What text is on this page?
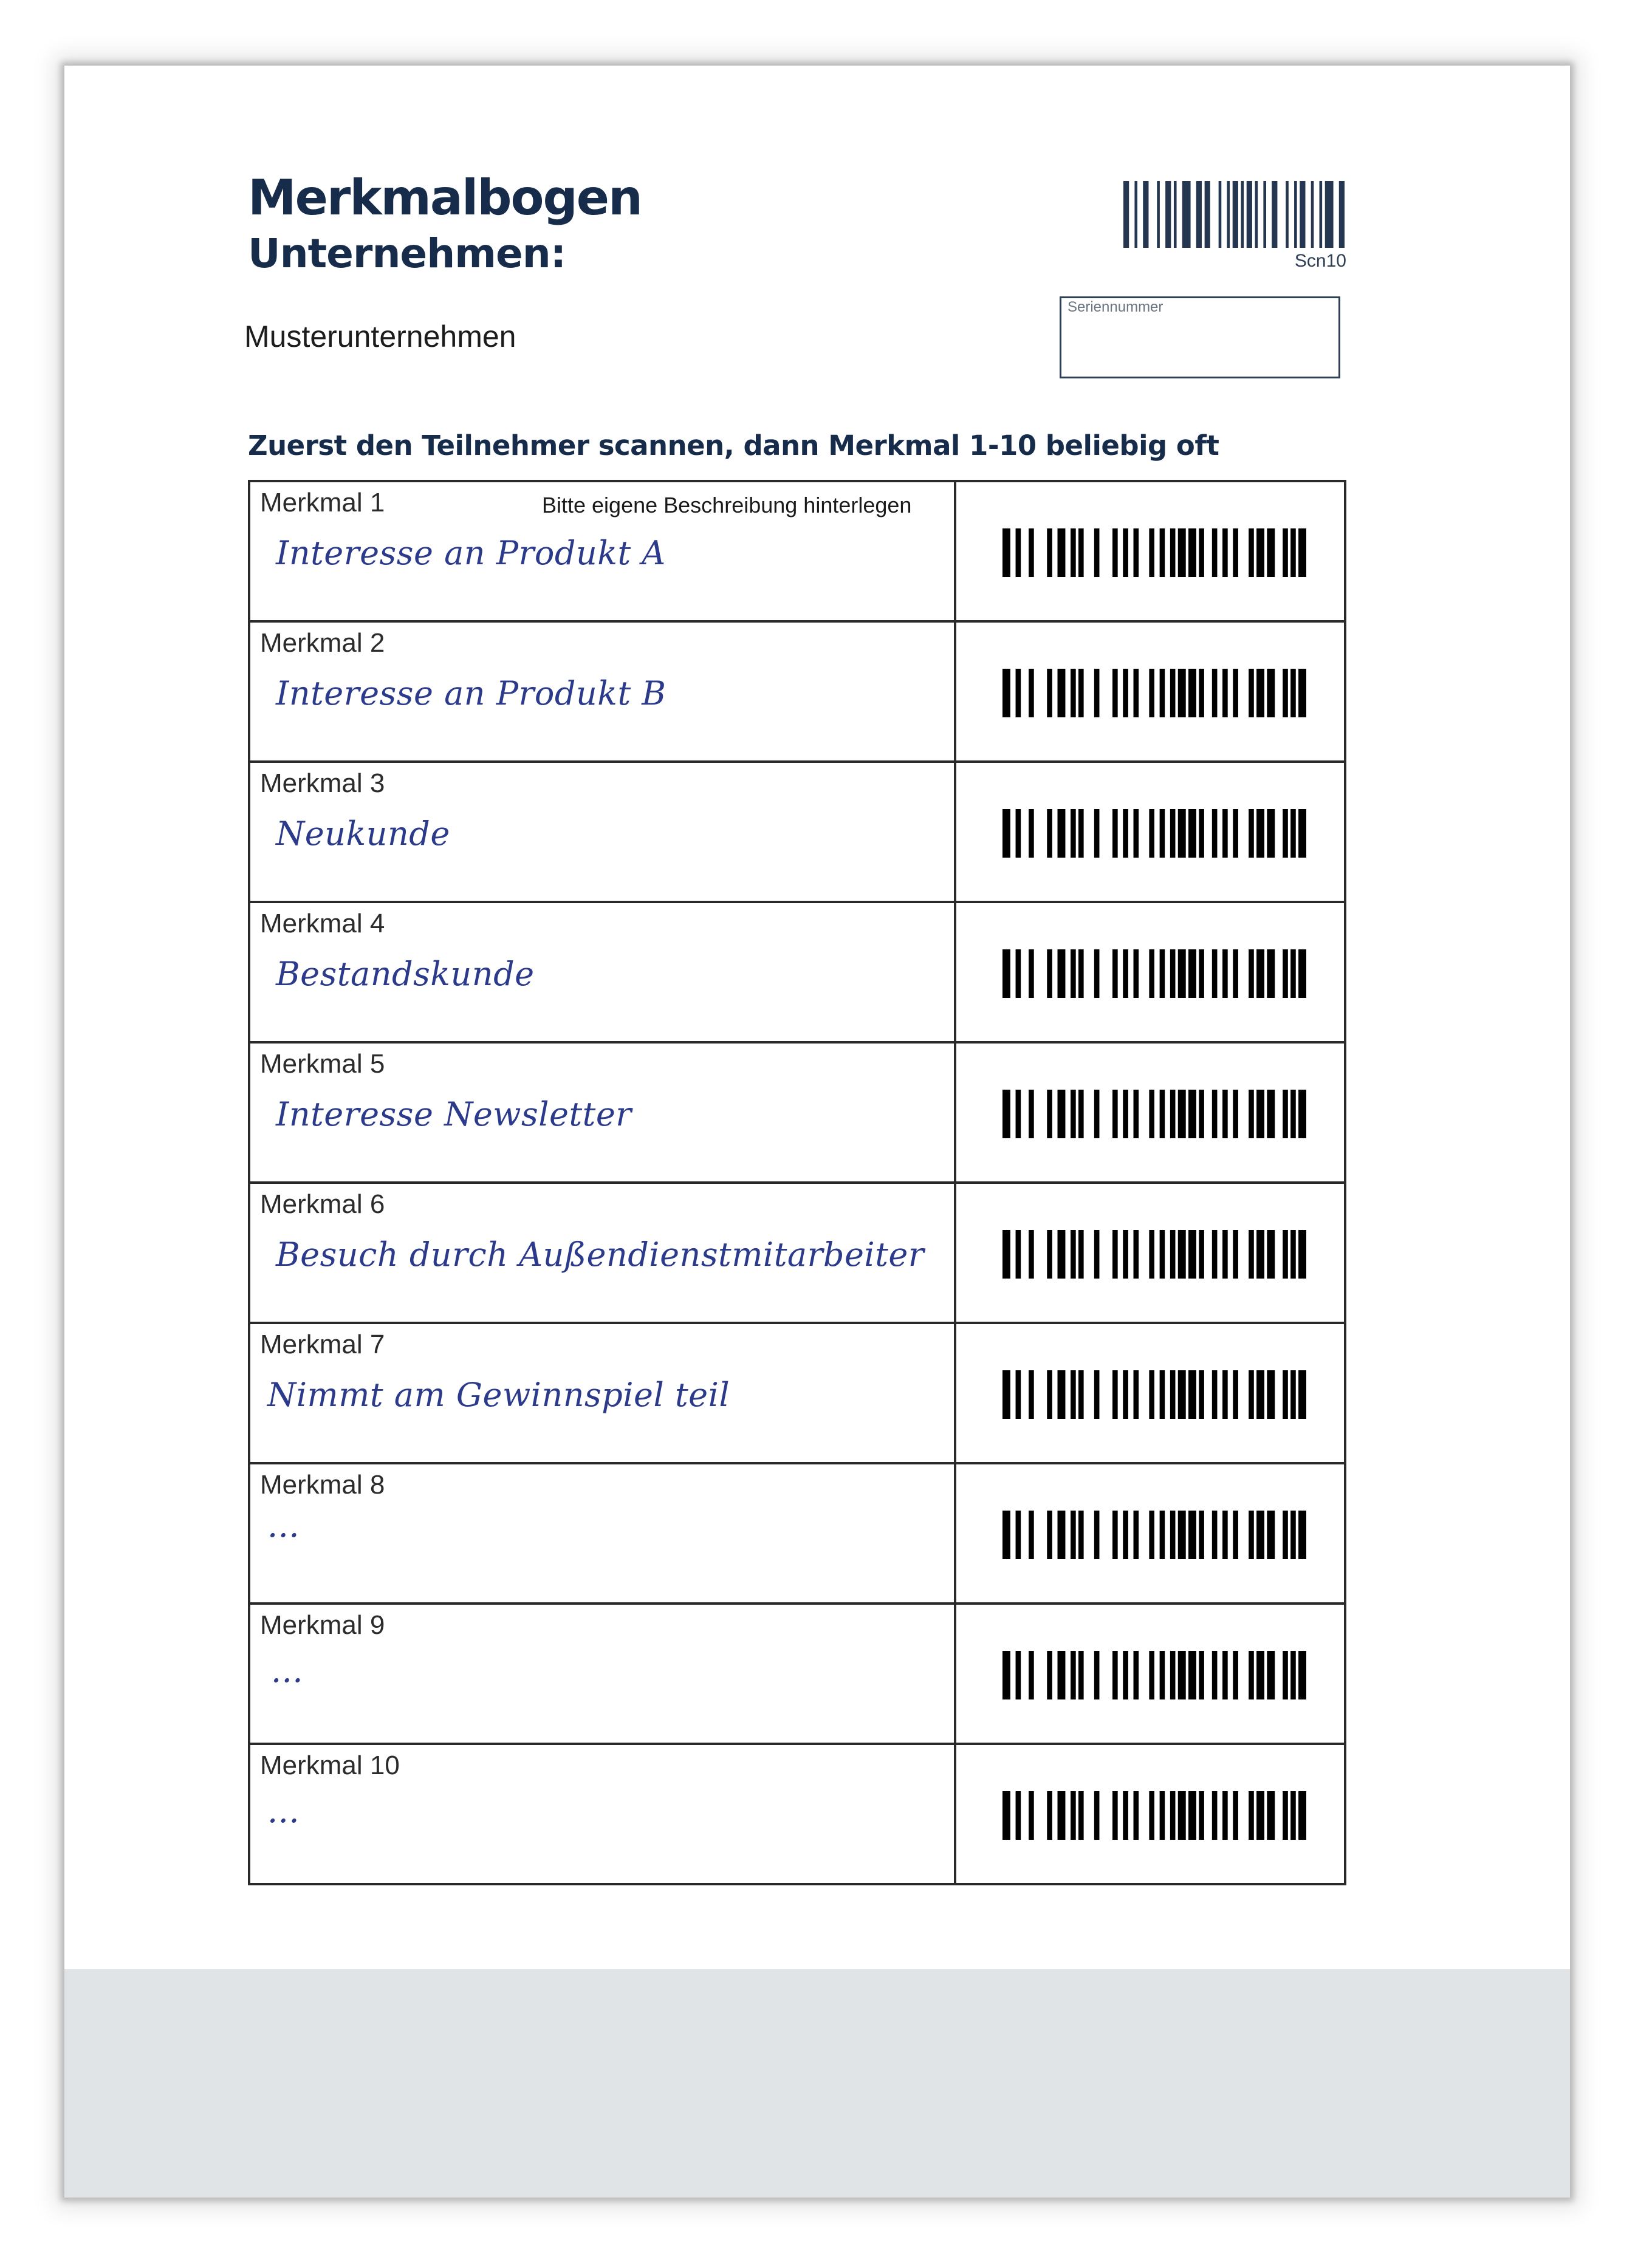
Merkmalbogen
Unternehmen:
Musterunternehmen
Scn10
Seriennummer
Zuerst den Teilnehmer scannen, dann Merkmal 1-10 beliebig oft
Merkmal 1	Bitte eigene Beschreibung hinterlegen
Interesse an Produkt A
Merkmal 2
Interesse an Produkt B
Merkmal 3
Neukunde
Merkmal 4
Bestandskunde
Merkmal 5
Interesse Newsletter
Merkmal 6
Besuch durch Außendienstmitarbeiter
Merkmal 7
Nimmt am Gewinnspiel teil
Merkmal 8
...
Merkmal 9
...
Merkmal 10
...
